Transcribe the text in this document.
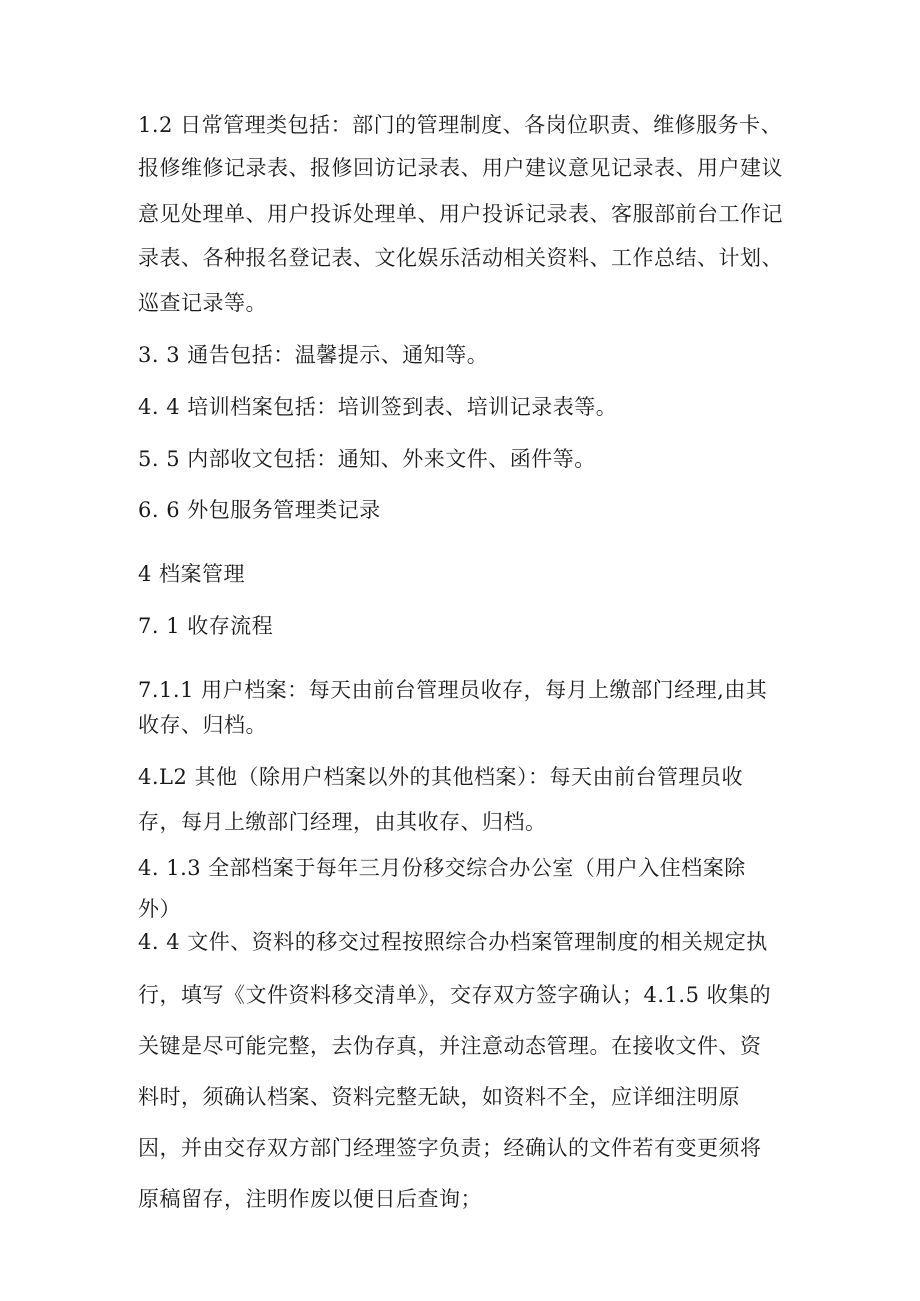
1.2 日常管理类包括：部门的管理制度、各岗位职责、维修服务卡、
报修维修记录表、报修回访记录表、用户建议意见记录表、用户建议
意见处理单、用户投诉处理单、用户投诉记录表、客服部前台工作记
录表、各种报名登记表、文化娱乐活动相关资料、工作总结、计划、
巡查记录等。
3. 3 通告包括：温馨提示、通知等。
4. 4 培训档案包括：培训签到表、培训记录表等。
5. 5 内部收文包括：通知、外来文件、函件等。
6. 6 外包服务管理类记录
4 档案管理
7. 1 收存流程
7.1.1 用户档案：每天由前台管理员收存，每月上缴部门经理,由其
收存、归档。
4.L2 其他（除用户档案以外的其他档案）：每天由前台管理员收
存，每月上缴部门经理，由其收存、归档。
4. 1.3 全部档案于每年三月份移交综合办公室（用户入住档案除
外）
4. 4 文件、资料的移交过程按照综合办档案管理制度的相关规定执
行，填写《文件资料移交清单》，交存双方签字确认；4.1.5 收集的
关键是尽可能完整，去伪存真，并注意动态管理。在接收文件、资
料时，须确认档案、资料完整无缺，如资料不全，应详细注明原
因，并由交存双方部门经理签字负责；经确认的文件若有变更须将
原稿留存，注明作废以便日后查询；
